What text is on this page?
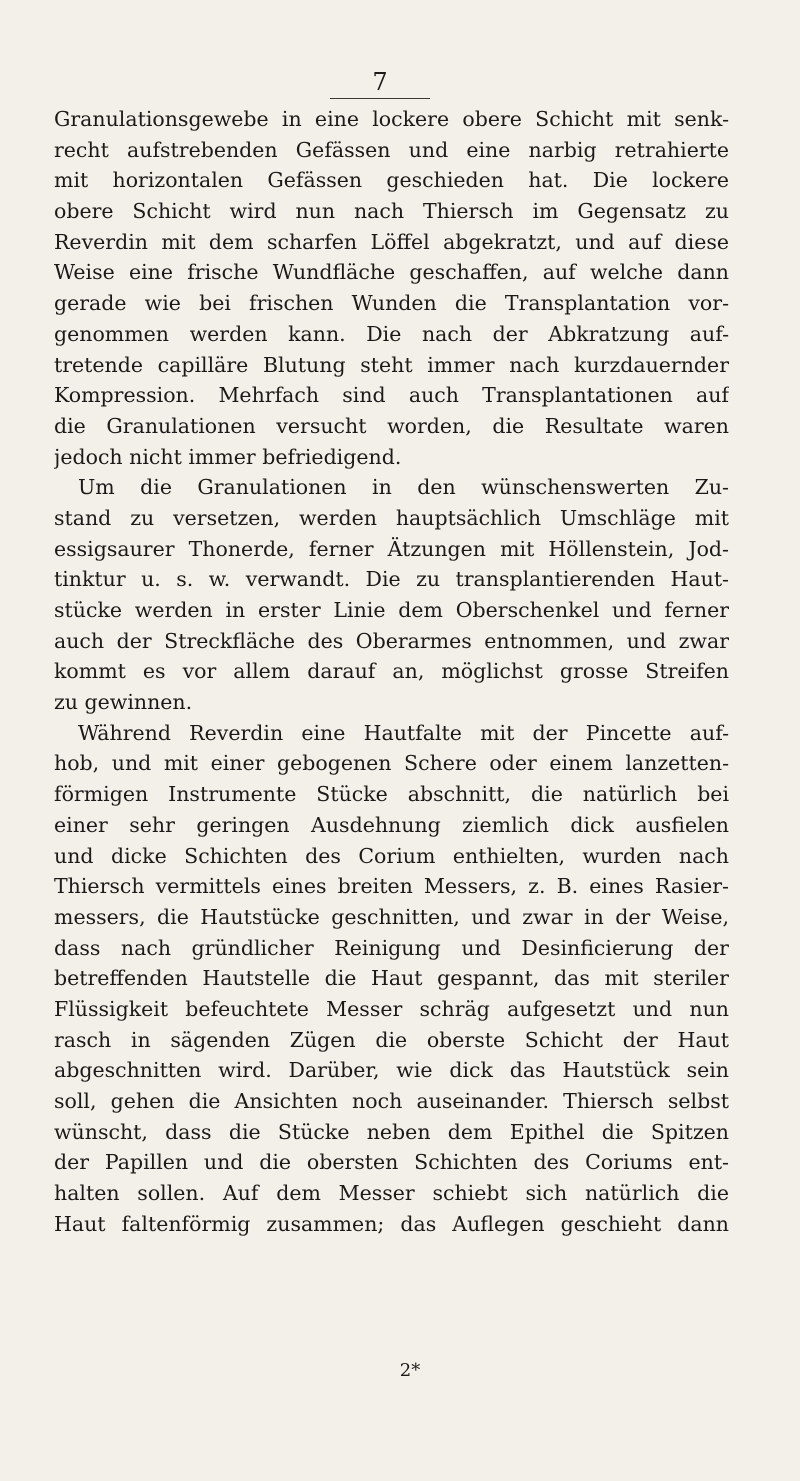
7
Granulationsgewebe in eine lockere obere Schicht mit senk-
recht aufstrebenden Gefässen und eine narbig retrahierte
mit horizontalen Gefässen geschieden hat. Die lockere
obere Schicht wird nun nach Thiersch im Gegensatz zu
Reverdin mit dem scharfen Löffel abgekratzt, und auf diese
Weise eine frische Wundfläche geschaffen, auf welche dann
gerade wie bei frischen Wunden die Transplantation vor-
genommen werden kann. Die nach der Abkratzung auf-
tretende capilläre Blutung steht immer nach kurzdauernder
Kompression. Mehrfach sind auch Transplantationen auf
die Granulationen versucht worden, die Resultate waren
jedoch nicht immer befriedigend.
Um die Granulationen in den wünschenswerten Zu-
stand zu versetzen, werden hauptsächlich Umschläge mit
essigsaurer Thonerde, ferner Ätzungen mit Höllenstein, Jod-
tinktur u. s. w. verwandt. Die zu transplantierenden Haut-
stücke werden in erster Linie dem Oberschenkel und ferner
auch der Streckfläche des Oberarmes entnommen, und zwar
kommt es vor allem darauf an, möglichst grosse Streifen
zu gewinnen.
Während Reverdin eine Hautfalte mit der Pincette auf-
hob, und mit einer gebogenen Schere oder einem lanzetten-
förmigen Instrumente Stücke abschnitt, die natürlich bei
einer sehr geringen Ausdehnung ziemlich dick ausfielen
und dicke Schichten des Corium enthielten, wurden nach
Thiersch vermittels eines breiten Messers, z. B. eines Rasier-
messers, die Hautstücke geschnitten, und zwar in der Weise,
dass nach gründlicher Reinigung und Desinficierung der
betreffenden Hautstelle die Haut gespannt, das mit steriler
Flüssigkeit befeuchtete Messer schräg aufgesetzt und nun
rasch in sägenden Zügen die oberste Schicht der Haut
abgeschnitten wird. Darüber, wie dick das Hautstück sein
soll, gehen die Ansichten noch auseinander. Thiersch selbst
wünscht, dass die Stücke neben dem Epithel die Spitzen
der Papillen und die obersten Schichten des Coriums ent-
halten sollen. Auf dem Messer schiebt sich natürlich die
Haut faltenförmig zusammen; das Auflegen geschieht dann
2*
